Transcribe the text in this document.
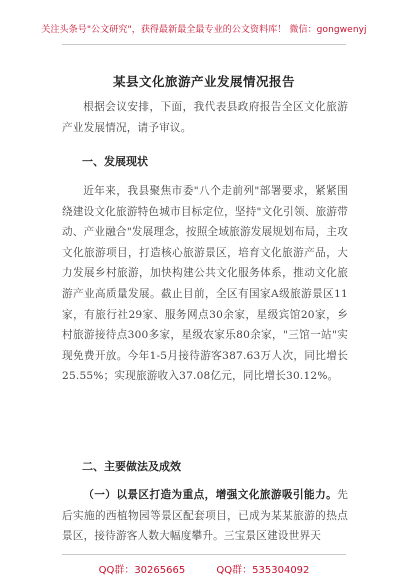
关注头条号"公文研究"，获得最新最全最专业的公文资料库！ 微信：gongwenyj
某县文化旅游产业发展情况报告

根据会议安排，下面，我代表县政府报告全区文化旅游产业发展情况，请予审议。

一、发展现状

近年来，我县聚焦市委"八个走前列"部署要求，紧紧围绕建设文化旅游特色城市目标定位，坚持"文化引领、旅游带动、产业融合"发展理念，按照全域旅游发展规划布局，主攻文化旅游项目，打造核心旅游景区，培育文化旅游产品，大力发展乡村旅游，加快构建公共文化服务体系，推动文化旅游产业高质量发展。截止目前，全区有国家A级旅游景区11家，有旅行社29家、服务网点30余家，星级宾馆20家，乡村旅游接待点300多家，星级农家乐80余家，"三馆一站"实现免费开放。今年1-5月接待游客387.63万人次，同比增长25.55%；实现旅游收入37.08亿元，同比增长30.12%。

二、主要做法及成效

（一）以景区打造为重点，增强文化旅游吸引能力。先后实施的西植物园等景区配套项目，已成为某某旅游的热点景区，接待游客人数大幅度攀升。三宝景区建设世界天

QQ群：30265665	QQ群：535304092
